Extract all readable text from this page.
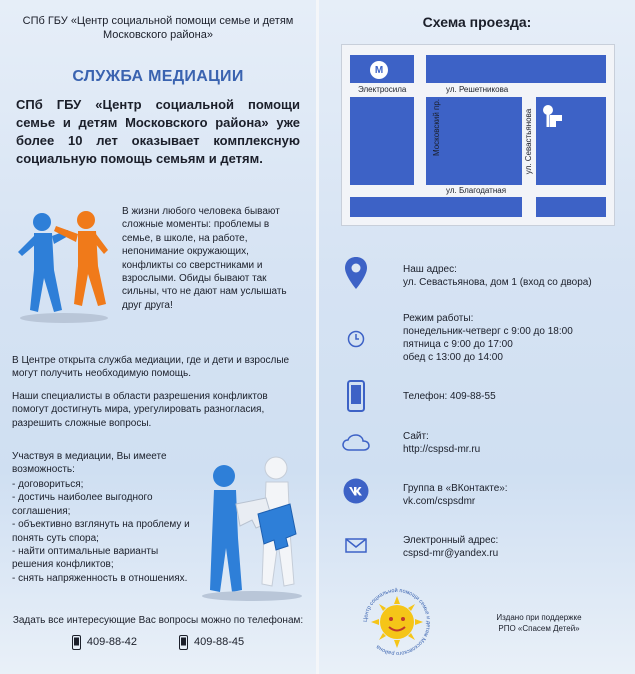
СПб ГБУ «Центр социальной помощи семье и детям
Московского района»
СЛУЖБА МЕДИАЦИИ
СПб ГБУ «Центр социальной помощи семье и детям Московского района» уже более 10 лет оказывает комплексную социальную помощь семьям и детям.
В жизни любого человека бывают сложные моменты: проблемы в семье, в школе, на работе, непонимание окружающих, конфликты со сверстниками и взрослыми. Обиды бывают так сильны, что не дают нам услышать друг друга!
В Центре открыта служба медиации, где и дети и взрослые могут получить необходимую помощь.
Наши специалисты в области разрешения конфликтов помогут достигнуть мира, урегулировать разногласия, разрешить сложные вопросы.
Участвуя в медиации, Вы имеете возможность:
- договориться;
- достичь наиболее выгодного соглашения;
- объективно взглянуть на проблему и понять суть спора;
- найти оптимальные варианты решения конфликтов;
- снять напряженность в отношениях.
Задать все интересующие Вас вопросы можно по телефонам:
409-88-42	409-88-45
Схема проезда:
М
Электросила	ул. Решетникова
Московский пр.	ул. Севастьянова
ул. Благодатная
Наш адрес:
ул. Севастьянова, дом 1 (вход со двора)
Режим работы:
понедельник-четверг с 9:00 до 18:00
пятница с 9:00 до 17:00
обед с 13:00 до 14:00
Телефон: 409-88-55
Сайт:
http://cspsd-mr.ru
Группа в «ВКонтакте»:
vk.com/cspsdmr
Электронный адрес:
cspsd-mr@yandex.ru
Центр социальной помощи семье и детям Московского района
Издано при поддержке
РПО «Спасем Детей»
